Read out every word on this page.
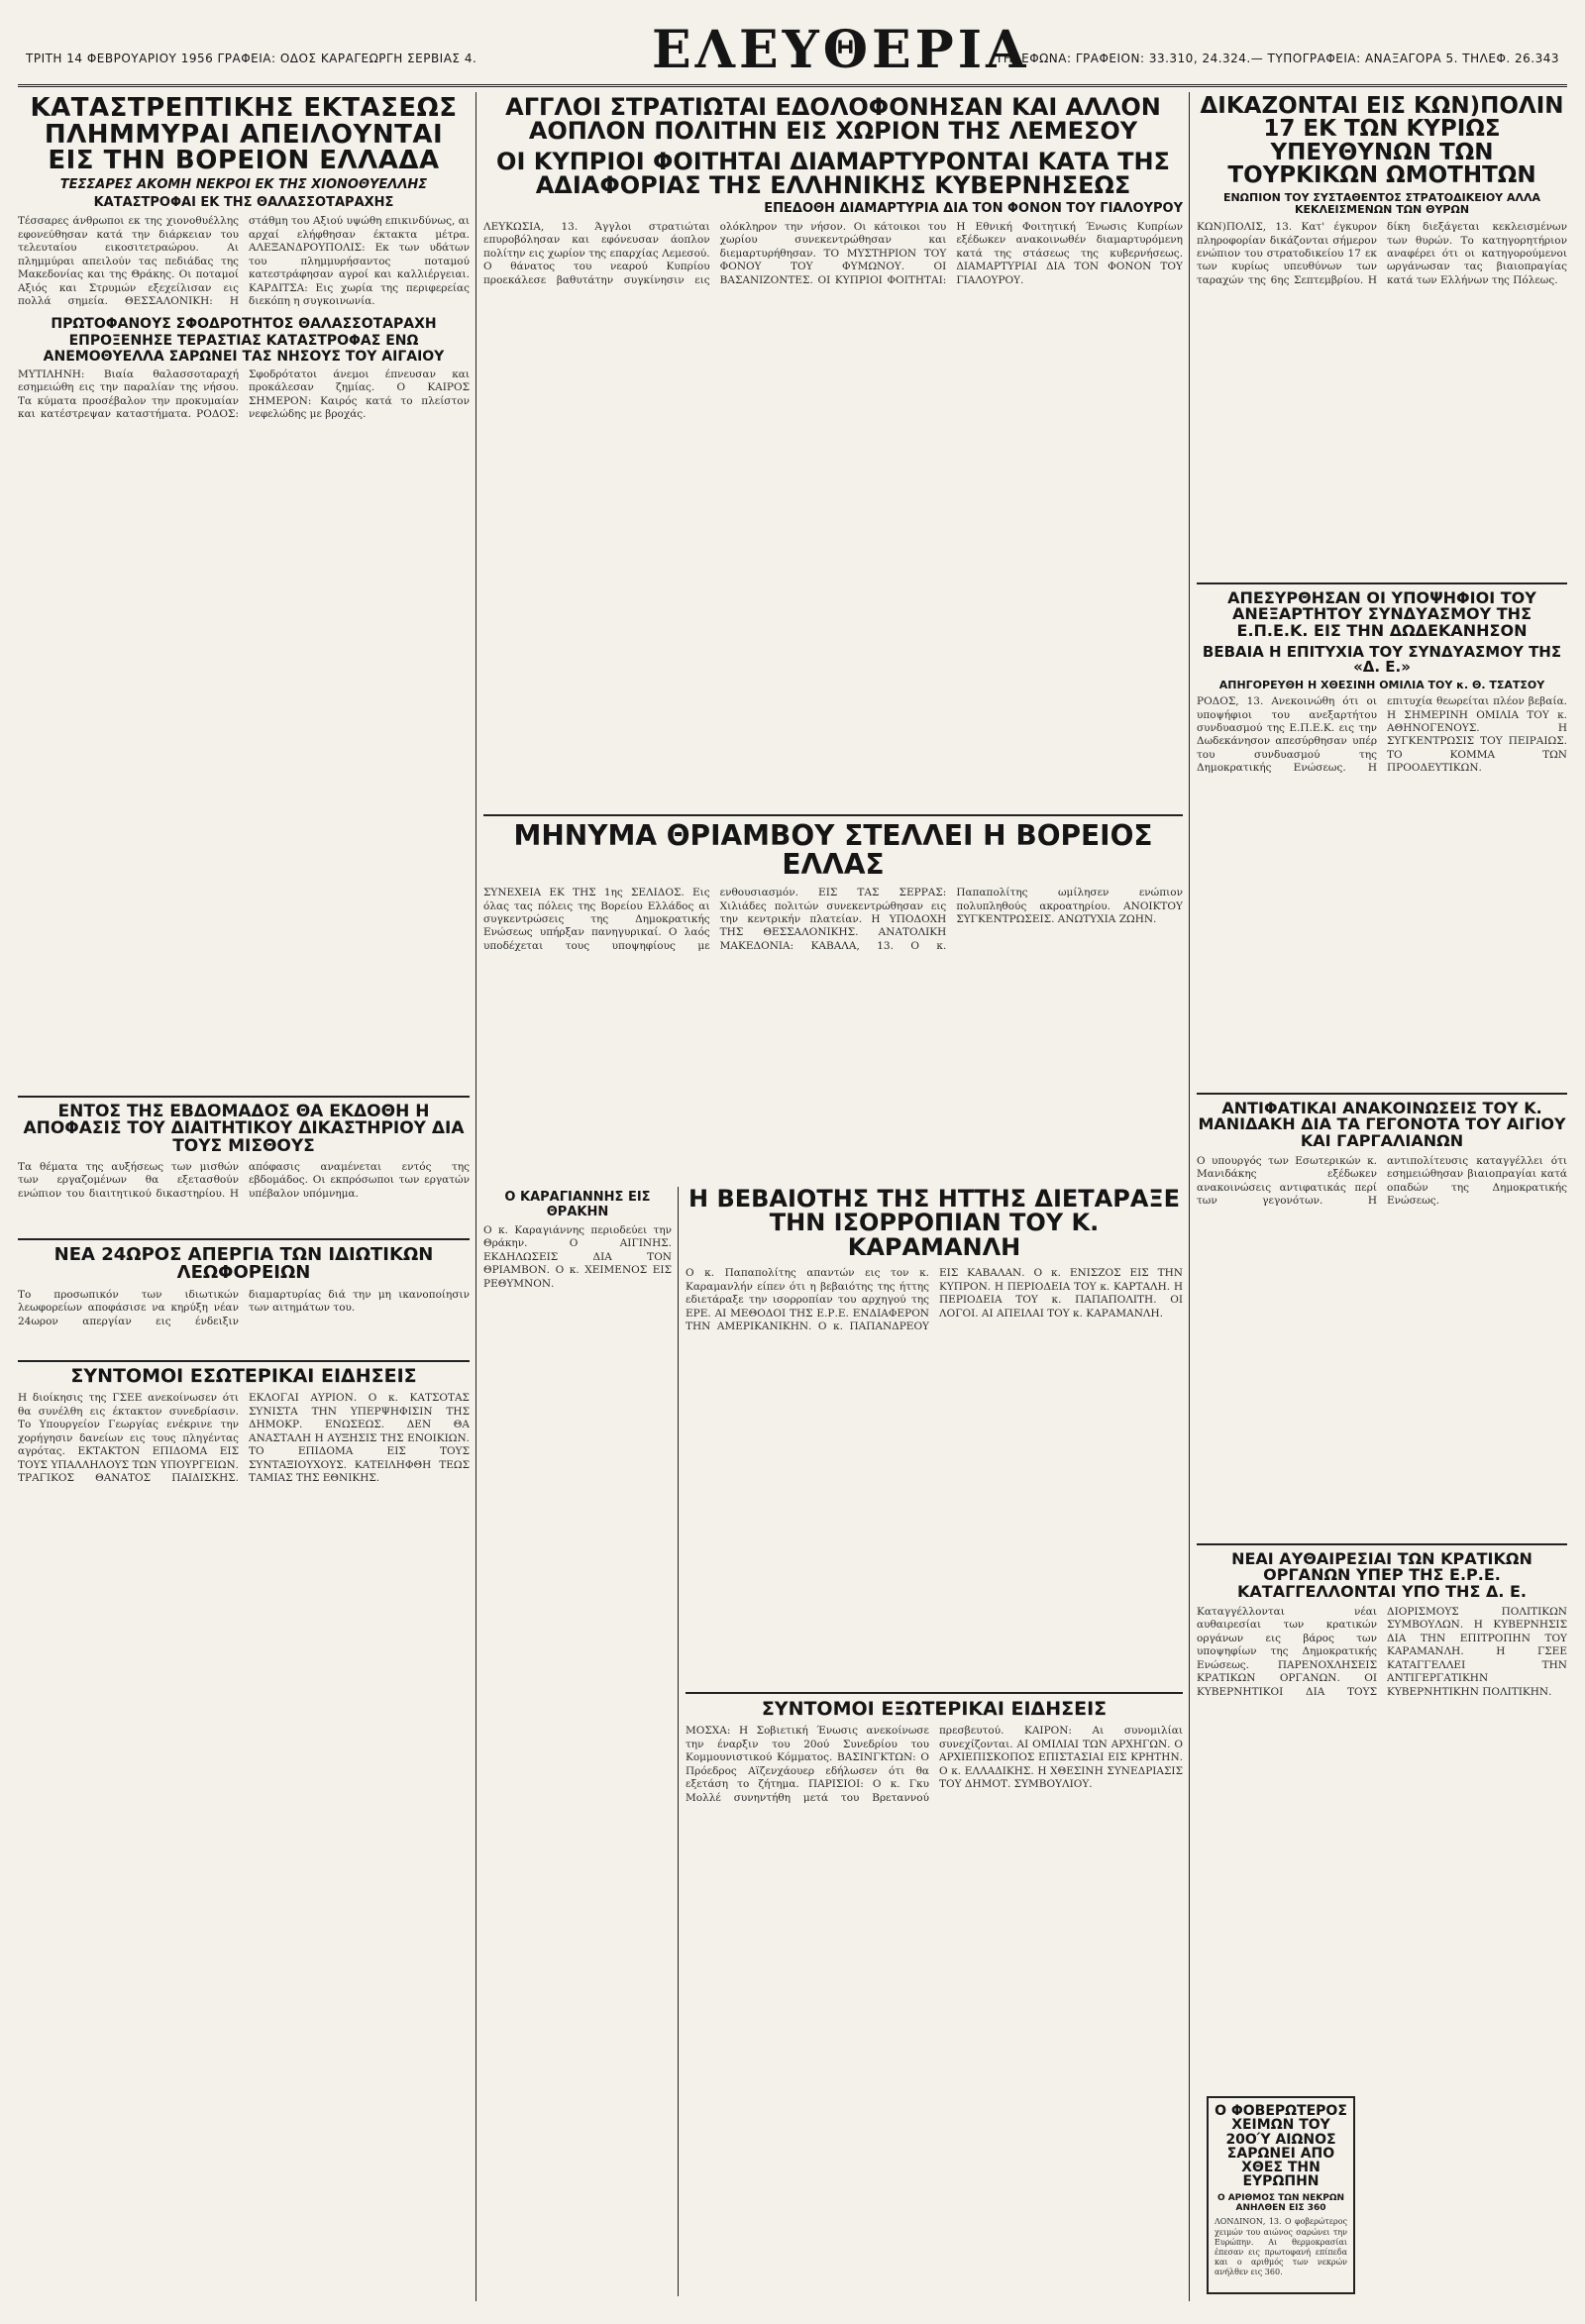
ΤΡΙΤΗ 14 ΦΕΒΡΟΥΑΡΙΟΥ 1956 ΓΡΑΦΕΙΑ: ΟΔΟΣ ΚΑΡΑΓΕΩΡΓΗ ΣΕΡΒΙΑΣ 4.	ΕΛΕΥΘΕΡΙΑ
ΤΗΛΕΦΩΝΑ: ΓΡΑΦΕΙΟΝ: 33.310, 24.324.— ΤΥΠΟΓΡΑΦΕΙΑ: ΑΝΑΞΑΓΟΡΑ 5. ΤΗΛΕΦ. 26.343
ΚΑΤΑΣΤΡΕΠΤΙΚΗΣ ΕΚΤΑΣΕΩΣ ΠΛΗΜΜΥΡΑΙ ΑΠΕΙΛΟΥΝΤΑΙ ΕΙΣ ΤΗΝ ΒΟΡΕΙΟΝ ΕΛΛΑΔΑ
ΤΕΣΣΑΡΕΣ ΑΚΟΜΗ ΝΕΚΡΟΙ ΕΚ ΤΗΣ ΧΙΟΝΟΘΥΕΛΛΗΣ
ΚΑΤΑΣΤΡΟΦΑΙ ΕΚ ΤΗΣ ΘΑΛΑΣΣΟΤΑΡΑΧΗΣ
Τέσσαρες άνθρωποι εκ της χιονοθυέλλης εφονεύθησαν κατά την διάρκειαν του τελευταίου εικοσιτετραώρου. Αι πλημμύραι απειλούν τας πεδιάδας της Μακεδονίας και της Θράκης. Οι ποταμοί Αξιός και Στρυμών εξεχείλισαν εις πολλά σημεία. ΘΕΣΣΑΛΟΝΙΚΗ: Η στάθμη του Αξιού υψώθη επικινδύνως, αι αρχαί ελήφθησαν έκτακτα μέτρα. ΑΛΕΞΑΝΔΡΟΥΠΟΛΙΣ: Εκ των υδάτων του πλημμυρήσαντος ποταμού κατεστράφησαν αγροί και καλλιέργειαι. ΚΑΡΔΙΤΣΑ: Εις χωρία της περιφερείας διεκόπη η συγκοινωνία.
ΠΡΩΤΟΦΑΝΟΥΣ ΣΦΟΔΡΟΤΗΤΟΣ ΘΑΛΑΣΣΟΤΑΡΑΧΗ ΕΠΡΟΞΕΝΗΣΕ ΤΕΡΑΣΤΙΑΣ ΚΑΤΑΣΤΡΟΦΑΣ ΕΝΩ ΑΝΕΜΟΘΥΕΛΛΑ ΣΑΡΩΝΕΙ ΤΑΣ ΝΗΣΟΥΣ ΤΟΥ ΑΙΓΑΙΟΥ
ΜΥΤΙΛΗΝΗ: Βιαία θαλασσοταραχή εσημειώθη εις την παραλίαν της νήσου. Τα κύματα προσέβαλον την προκυμαίαν και κατέστρεψαν καταστήματα. ΡΟΔΟΣ: Σφοδρότατοι άνεμοι έπνευσαν και προκάλεσαν ζημίας. Ο ΚΑΙΡΟΣ ΣΗΜΕΡΟΝ: Καιρός κατά το πλείστον νεφελώδης με βροχάς.
ΕΝΤΟΣ ΤΗΣ ΕΒΔΟΜΑΔΟΣ ΘΑ ΕΚΔΟΘΗ Η ΑΠΟΦΑΣΙΣ ΤΟΥ ΔΙΑΙΤΗΤΙΚΟΥ ΔΙΚΑΣΤΗΡΙΟΥ ΔΙΑ ΤΟΥΣ ΜΙΣΘΟΥΣ
Τα θέματα της αυξήσεως των μισθών των εργαζομένων θα εξετασθούν ενώπιον του διαιτητικού δικαστηρίου. Η απόφασις αναμένεται εντός της εβδομάδος. Οι εκπρόσωποι των εργατών υπέβαλον υπόμνημα.
ΝΕΑ 24ΩΡΟΣ ΑΠΕΡΓΙΑ ΤΩΝ ΙΔΙΩΤΙΚΩΝ ΛΕΩΦΟΡΕΙΩΝ
Το προσωπικόν των ιδιωτικών λεωφορείων αποφάσισε να κηρύξη νέαν 24ωρον απεργίαν εις ένδειξιν διαμαρτυρίας διά την μη ικανοποίησιν των αιτημάτων του.
ΣΥΝΤΟΜΟΙ ΕΣΩΤΕΡΙΚΑΙ ΕΙΔΗΣΕΙΣ
Η διοίκησις της ΓΣΕΕ ανεκοίνωσεν ότι θα συνέλθη εις έκτακτον συνεδρίασιν. Το Υπουργείον Γεωργίας ενέκρινε την χορήγησιν δανείων εις τους πληγέντας αγρότας. ΕΚΤΑΚΤΟΝ ΕΠΙΔΟΜΑ ΕΙΣ ΤΟΥΣ ΥΠΑΛΛΗΛΟΥΣ ΤΩΝ ΥΠΟΥΡΓΕΙΩΝ. ΤΡΑΓΙΚΟΣ ΘΑΝΑΤΟΣ ΠΑΙΔΙΣΚΗΣ. ΕΚΛΟΓΑΙ ΑΥΡΙΟΝ. Ο κ. ΚΑΤΣΟΤΑΣ ΣΥΝΙΣΤΑ ΤΗΝ ΥΠΕΡΨΗΦΙΣΙΝ ΤΗΣ ΔΗΜΟΚΡ. ΕΝΩΣΕΩΣ. ΔΕΝ ΘΑ ΑΝΑΣΤΑΛΗ Η ΑΥΞΗΣΙΣ ΤΗΣ ΕΝΟΙΚΙΩΝ. ΤΟ ΕΠΙΔΟΜΑ ΕΙΣ ΤΟΥΣ ΣΥΝΤΑΞΙΟΥΧΟΥΣ. ΚΑΤΕΙΛΗΦΘΗ ΤΕΩΣ ΤΑΜΙΑΣ ΤΗΣ ΕΘΝΙΚΗΣ.
ΑΓΓΛΟΙ ΣΤΡΑΤΙΩΤΑΙ ΕΔΟΛΟΦΟΝΗΣΑΝ ΚΑΙ ΑΛΛΟΝ ΑΟΠΛΟΝ ΠΟΛΙΤΗΝ ΕΙΣ ΧΩΡΙΟΝ ΤΗΣ ΛΕΜΕΣΟΥ
ΟΙ ΚΥΠΡΙΟΙ ΦΟΙΤΗΤΑΙ ΔΙΑΜΑΡΤΥΡΟΝΤΑΙ ΚΑΤΑ ΤΗΣ ΑΔΙΑΦΟΡΙΑΣ ΤΗΣ ΕΛΛΗΝΙΚΗΣ ΚΥΒΕΡΝΗΣΕΩΣ
ΕΠΕΔΟΘΗ ΔΙΑΜΑΡΤΥΡΙΑ ΔΙΑ ΤΟΝ ΦΟΝΟΝ ΤΟΥ ΓΙΑΛΟΥΡΟΥ
ΛΕΥΚΩΣΙΑ, 13. Άγγλοι στρατιώται επυροβόλησαν και εφόνευσαν άοπλον πολίτην εις χωρίον της επαρχίας Λεμεσού. Ο θάνατος του νεαρού Κυπρίου προεκάλεσε βαθυτάτην συγκίνησιν εις ολόκληρον την νήσον. Οι κάτοικοι του χωρίου συνεκεντρώθησαν και διεμαρτυρήθησαν. ΤΟ ΜΥΣΤΗΡΙΟΝ ΤΟΥ ΦΟΝΟΥ ΤΟΥ ΦΥΜΩΝΟΥ. ΟΙ ΒΑΣΑΝΙΖΟΝΤΕΣ. ΟΙ ΚΥΠΡΙΟΙ ΦΟΙΤΗΤΑΙ: Η Εθνική Φοιτητική Ένωσις Κυπρίων εξέδωκεν ανακοινωθέν διαμαρτυρόμενη κατά της στάσεως της κυβερνήσεως. ΔΙΑΜΑΡΤΥΡΙΑΙ ΔΙΑ ΤΟΝ ΦΟΝΟΝ ΤΟΥ ΓΙΑΛΟΥΡΟΥ.
ΜΗΝΥΜΑ ΘΡΙΑΜΒΟΥ ΣΤΕΛΛΕΙ Η ΒΟΡΕΙΟΣ ΕΛΛΑΣ
ΣΥΝΕΧΕΙΑ ΕΚ ΤΗΣ 1ης ΣΕΛΙΔΟΣ. Εις όλας τας πόλεις της Βορείου Ελλάδος αι συγκεντρώσεις της Δημοκρατικής Ενώσεως υπήρξαν πανηγυρικαί. Ο λαός υποδέχεται τους υποψηφίους με ενθουσιασμόν. ΕΙΣ ΤΑΣ ΣΕΡΡΑΣ: Χιλιάδες πολιτών συνεκεντρώθησαν εις την κεντρικήν πλατείαν. Η ΥΠΟΔΟΧΗ ΤΗΣ ΘΕΣΣΑΛΟΝΙΚΗΣ. ΑΝΑΤΟΛΙΚΗ ΜΑΚΕΔΟΝΙΑ: ΚΑΒΑΛΑ, 13. Ο κ. Παπαπολίτης ωμίλησεν ενώπιον πολυπληθούς ακροατηρίου. ΑΝΟΙΚΤΟΥ ΣΥΓΚΕΝΤΡΩΣΕΙΣ. ΑΝΩΤΥΧΙΑ ΖΩΗΝ.
Ο ΚΑΡΑΓΙΑΝΝΗΣ ΕΙΣ ΘΡΑΚΗΝ
Ο κ. Καραγιάννης περιοδεύει την Θράκην. Ο ΑΙΓΙΝΗΣ. ΕΚΔΗΛΩΣΕΙΣ ΔΙΑ ΤΟΝ ΘΡΙΑΜΒΟΝ. Ο κ. ΧΕΙΜΕΝΟΣ ΕΙΣ ΡΕΘΥΜΝΟΝ.
Η ΒΕΒΑΙΟΤΗΣ ΤΗΣ ΗΤΤΗΣ ΔΙΕΤΑΡΑΞΕ ΤΗΝ ΙΣΟΡΡΟΠΙΑΝ ΤΟΥ Κ. ΚΑΡΑΜΑΝΛΗ
Ο κ. Παπαπολίτης απαντών εις τον κ. Καραμανλήν είπεν ότι η βεβαιότης της ήττης εδιετάραξε την ισορροπίαν του αρχηγού της ΕΡΕ. ΑΙ ΜΕΘΟΔΟΙ ΤΗΣ Ε.Ρ.Ε. ΕΝΔΙΑΦΕΡΟΝ ΤΗΝ ΑΜΕΡΙΚΑΝΙΚΗΝ. Ο κ. ΠΑΠΑΝΔΡΕΟΥ ΕΙΣ ΚΑΒΑΛΑΝ. Ο κ. ΕΝΙΣΖΟΣ ΕΙΣ ΤΗΝ ΚΥΠΡΟΝ. Η ΠΕΡΙΟΔΕΙΑ ΤΟΥ κ. ΚΑΡΤΑΛΗ. Η ΠΕΡΙΟΔΕΙΑ ΤΟΥ κ. ΠΑΠΑΠΟΛΙΤΗ. ΟΙ ΛΟΓΟΙ. ΑΙ ΑΠΕΙΛΑΙ ΤΟΥ κ. ΚΑΡΑΜΑΝΛΗ.
ΣΥΝΤΟΜΟΙ ΕΞΩΤΕΡΙΚΑΙ ΕΙΔΗΣΕΙΣ
ΜΟΣΧΑ: Η Σοβιετική Ένωσις ανεκοίνωσε την έναρξιν του 20ού Συνεδρίου του Κομμουνιστικού Κόμματος. ΒΑΣΙΝΓΚΤΩΝ: Ο Πρόεδρος Αϊζενχάουερ εδήλωσεν ότι θα εξετάση το ζήτημα. ΠΑΡΙΣΙΟΙ: Ο κ. Γκυ Μολλέ συνηντήθη μετά του Βρεταννού πρεσβευτού. ΚΑΙΡΟΝ: Αι συνομιλίαι συνεχίζονται. ΑΙ ΟΜΙΛΙΑΙ ΤΩΝ ΑΡΧΗΓΩΝ. Ο ΑΡΧΙΕΠΙΣΚΟΠΟΣ ΕΠΙΣΤΑΣΙΑΙ ΕΙΣ ΚΡΗΤΗΝ. Ο κ. ΕΛΛΑΔΙΚΗΣ. Η ΧΘΕΣΙΝΗ ΣΥΝΕΔΡΙΑΣΙΣ ΤΟΥ ΔΗΜΟΤ. ΣΥΜΒΟΥΛΙΟΥ.
ΔΙΚΑΖΟΝΤΑΙ ΕΙΣ ΚΩΝ)ΠΟΛΙΝ 17 ΕΚ ΤΩΝ ΚΥΡΙΩΣ ΥΠΕΥΘΥΝΩΝ ΤΩΝ ΤΟΥΡΚΙΚΩΝ ΩΜΟΤΗΤΩΝ
ΕΝΩΠΙΟΝ ΤΟΥ ΣΥΣΤΑΘΕΝΤΟΣ ΣΤΡΑΤΟΔΙΚΕΙΟΥ ΑΛΛΑ ΚΕΚΛΕΙΣΜΕΝΩΝ ΤΩΝ ΘΥΡΩΝ
ΚΩΝ)ΠΟΛΙΣ, 13. Κατ' έγκυρον πληροφορίαν δικάζονται σήμερον ενώπιον του στρατοδικείου 17 εκ των κυρίως υπευθύνων των ταραχών της 6ης Σεπτεμβρίου. Η δίκη διεξάγεται κεκλεισμένων των θυρών. Το κατηγορητήριον αναφέρει ότι οι κατηγορούμενοι ωργάνωσαν τας βιαιοπραγίας κατά των Ελλήνων της Πόλεως.
ΑΠΕΣΥΡΘΗΣΑΝ ΟΙ ΥΠΟΨΗΦΙΟΙ ΤΟΥ ΑΝΕΞΑΡΤΗΤΟΥ ΣΥΝΔΥΑΣΜΟΥ ΤΗΣ Ε.Π.Ε.Κ. ΕΙΣ ΤΗΝ ΔΩΔΕΚΑΝΗΣΟΝ
ΒΕΒΑΙΑ Η ΕΠΙΤΥΧΙΑ ΤΟΥ ΣΥΝΔΥΑΣΜΟΥ ΤΗΣ «Δ. Ε.»
ΑΠΗΓΟΡΕΥΘΗ Η ΧΘΕΣΙΝΗ ΟΜΙΛΙΑ ΤΟΥ κ. Θ. ΤΣΑΤΣΟΥ
ΡΟΔΟΣ, 13. Ανεκοινώθη ότι οι υποψήφιοι του ανεξαρτήτου συνδυασμού της Ε.Π.Ε.Κ. εις την Δωδεκάνησον απεσύρθησαν υπέρ του συνδυασμού της Δημοκρατικής Ενώσεως. Η επιτυχία θεωρείται πλέον βεβαία. Η ΣΗΜΕΡΙΝΗ ΟΜΙΛΙΑ ΤΟΥ κ. ΑΘΗΝΟΓΕΝΟΥΣ. Η ΣΥΓΚΕΝΤΡΩΣΙΣ ΤΟΥ ΠΕΙΡΑΙΩΣ. ΤΟ ΚΟΜΜΑ ΤΩΝ ΠΡΟΟΔΕΥΤΙΚΩΝ.
ΑΝΤΙΦΑΤΙΚΑΙ ΑΝΑΚΟΙΝΩΣΕΙΣ ΤΟΥ Κ. ΜΑΝΙΔΑΚΗ ΔΙΑ ΤΑ ΓΕΓΟΝΟΤΑ ΤΟΥ ΑΙΓΙΟΥ ΚΑΙ ΓΑΡΓΑΛΙΑΝΩΝ
Ο υπουργός των Εσωτερικών κ. Μανιδάκης εξέδωκεν ανακοινώσεις αντιφατικάς περί των γεγονότων. Η αντιπολίτευσις καταγγέλλει ότι εσημειώθησαν βιαιοπραγίαι κατά οπαδών της Δημοκρατικής Ενώσεως.
ΝΕΑΙ ΑΥΘΑΙΡΕΣΙΑΙ ΤΩΝ ΚΡΑΤΙΚΩΝ ΟΡΓΑΝΩΝ ΥΠΕΡ ΤΗΣ Ε.Ρ.Ε. ΚΑΤΑΓΓΕΛΛΟΝΤΑΙ ΥΠΟ ΤΗΣ Δ. Ε.
Καταγγέλλονται νέαι αυθαιρεσίαι των κρατικών οργάνων εις βάρος των υποψηφίων της Δημοκρατικής Ενώσεως. ΠΑΡΕΝΟΧΛΗΣΕΙΣ ΚΡΑΤΙΚΩΝ ΟΡΓΑΝΩΝ. ΟΙ ΚΥΒΕΡΝΗΤΙΚΟΙ ΔΙΑ ΤΟΥΣ ΔΙΟΡΙΣΜΟΥΣ ΠΟΛΙΤΙΚΩΝ ΣΥΜΒΟΥΛΩΝ. Η ΚΥΒΕΡΝΗΣΙΣ ΔΙΑ ΤΗΝ ΕΠΙΤΡΟΠΗΝ ΤΟΥ ΚΑΡΑΜΑΝΛΗ. Η ΓΣΕΕ ΚΑΤΑΓΓΕΛΛΕΙ ΤΗΝ ΑΝΤΙΓΕΡΓΑΤΙΚΗΝ ΚΥΒΕΡΝΗΤΙΚΗΝ ΠΟΛΙΤΙΚΗΝ.
Ο ΦΟΒΕΡΩΤΕΡΟΣ ΧΕΙΜΩΝ ΤΟΥ 20ΟΎ ΑΙΩΝΟΣ ΣΑΡΩΝΕΙ ΑΠΟ ΧΘΕΣ ΤΗΝ ΕΥΡΩΠΗΝ
Ο ΑΡΙΘΜΟΣ ΤΩΝ ΝΕΚΡΩΝ ΑΝΗΛΘΕΝ ΕΙΣ 360
ΛΟΝΔΙΝΟΝ, 13. Ο φοβερώτερος χειμών του αιώνος σαρώνει την Ευρώπην. Αι θερμοκρασίαι έπεσαν εις πρωτοφανή επίπεδα και ο αριθμός των νεκρών ανήλθεν εις 360.
